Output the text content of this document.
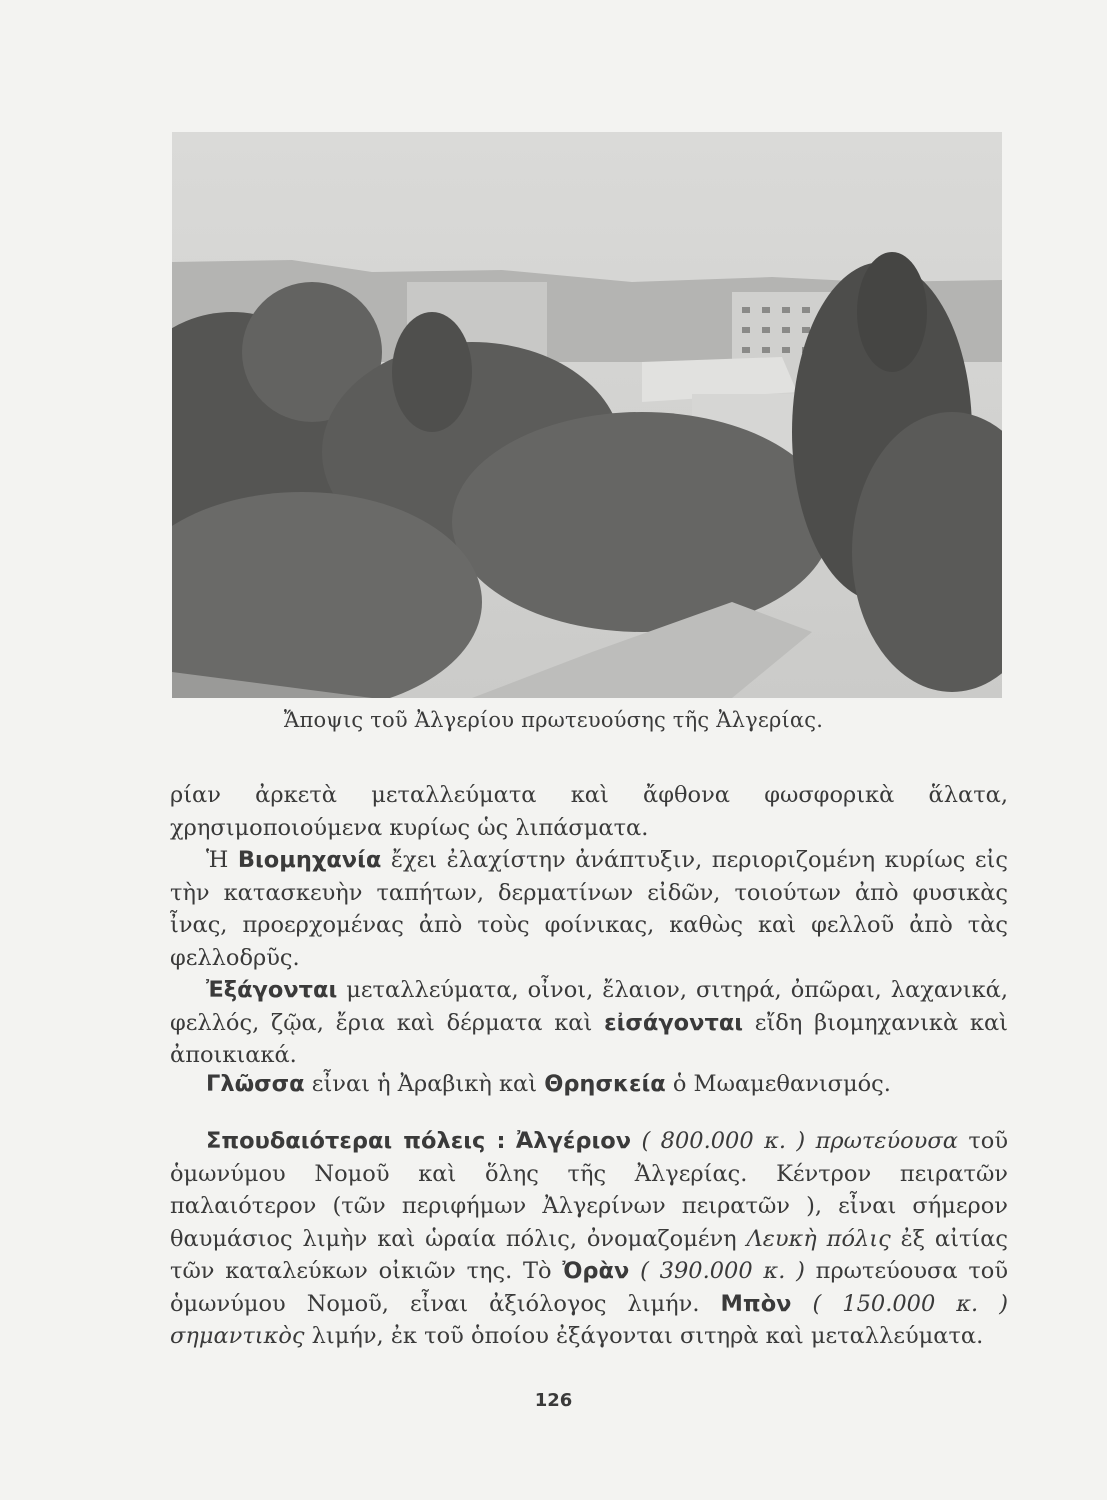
Ἄποψις τοῦ Ἀλγερίου πρωτευούσης τῆς Ἀλγερίας.

ρίαν ἀρκετὰ μεταλλεύματα καὶ ἄφθονα φωσφορικὰ ἅλατα, χρησιμοποιούμενα κυρίως ὡς λιπάσματα.

Ἡ Βιομηχανία ἔχει ἐλαχίστην ἀνάπτυξιν, περιοριζομένη κυρίως εἰς τὴν κατασκευὴν ταπήτων, δερματίνων εἰδῶν, τοιούτων ἀπὸ φυσικὰς ἶνας, προερχομένας ἀπὸ τοὺς φοίνικας, καθὼς καὶ φελλοῦ ἀπὸ τὰς φελλοδρῦς.

Ἐξάγονται μεταλλεύματα, οἶνοι, ἔλαιον, σιτηρά, ὀπῶραι, λαχανικά, φελλός, ζῷα, ἔρια καὶ δέρματα καὶ εἰσάγονται εἴδη βιομηχανικὰ καὶ ἀποικιακά.

Γλῶσσα εἶναι ἡ Ἀραβικὴ καὶ Θρησκεία ὁ Μωαμεθανισμός.

Σπουδαιότεραι πόλεις : Ἀλγέριον ( 800.000 κ. ) πρωτεύουσα τοῦ ὁμωνύμου Νομοῦ καὶ ὅλης τῆς Ἀλγερίας. Κέντρον πειρατῶν παλαιότερον (τῶν περιφήμων Ἀλγερίνων πειρατῶν ), εἶναι σήμερον θαυμάσιος λιμὴν καὶ ὡραία πόλις, ὀνομαζομένη Λευκὴ πόλις ἐξ αἰτίας τῶν καταλεύκων οἰκιῶν της. Τὸ Ὀρὰν ( 390.000 κ. ) πρωτεύουσα τοῦ ὁμωνύμου Νομοῦ, εἶναι ἀξιόλογος λιμήν. Μπὸν ( 150.000 κ. ) σημαντικὸς λιμήν, ἐκ τοῦ ὁποίου ἐξάγονται σιτηρὰ καὶ μεταλλεύματα.

126
